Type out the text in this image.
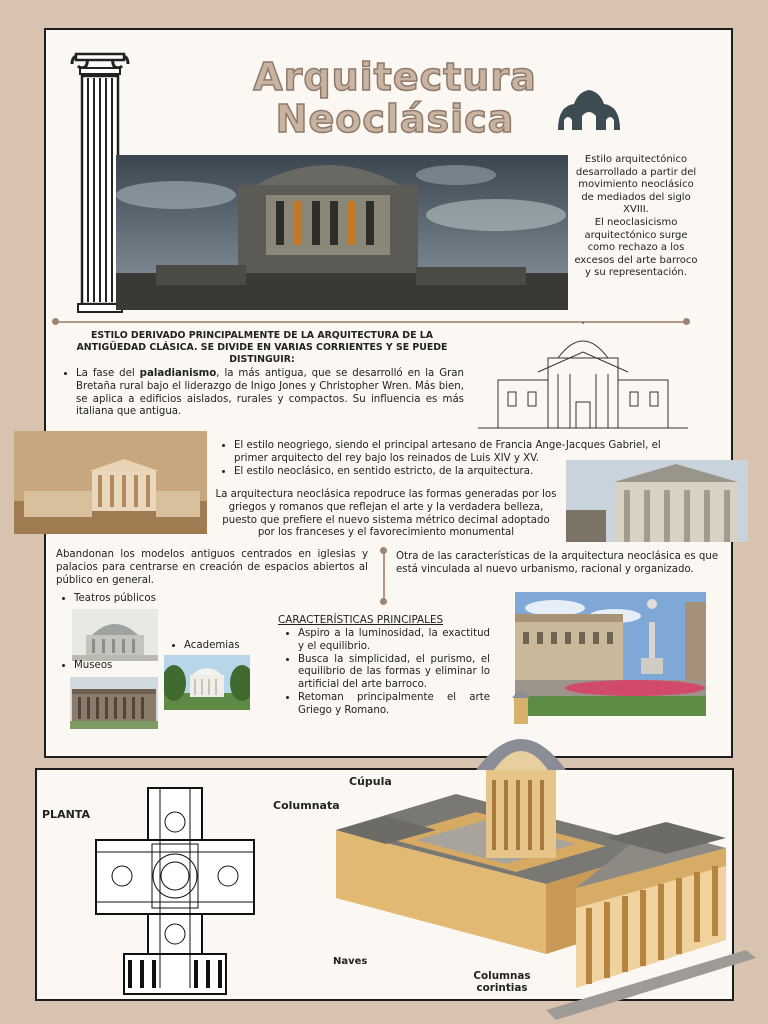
Arquitectura
Neoclásica
Estilo arquitectónico desarrollado a partir del movimiento neoclásico de mediados del siglo XVIII.
El neoclasicismo arquitectónico surge como rechazo a los excesos del arte barroco y su representación.
ESTILO DERIVADO PRINCIPALMENTE DE LA ARQUITECTURA DE LA ANTIGÜEDAD CLÁSICA. SE DIVIDE EN VARIAS CORRIENTES Y SE PUEDE DISTINGUIR:
• La fase del paladianismo, la más antigua, que se desarrolló en la Gran Bretaña rural bajo el liderazgo de Inigo Jones y Christopher Wren. Más bien, se aplica a edificios aislados, rurales y compactos. Su influencia es más italiana que antigua.
• El estilo neogriego, siendo el principal artesano de Francia Ange-Jacques Gabriel, el primer arquitecto del rey bajo los reinados de Luis XIV y XV.
• El estilo neoclásico, en sentido estricto, de la arquitectura.
La arquitectura neoclásica repodruce las formas generadas por los griegos y romanos que reflejan el arte y la verdadera belleza, puesto que prefiere el nuevo sistema métrico decimal adoptado por los franceses y el favorecimiento monumental
Abandonan los modelos antiguos centrados en iglesias y palacios para centrarse en creación de espacios abiertos al público en general.
Otra de las características de la arquitectura neoclásica es que está vinculada al nuevo urbanismo, racional y organizado.
• Teatros públicos
• Academias
• Museos
CARACTERÍSTICAS PRINCIPALES
• Aspiro a la luminosidad, la exactitud y el equilibrio.
• Busca la simplicidad, el purismo, el equilibrio de las formas y eliminar lo artificial del arte barroco.
• Retoman principalmente el arte Griego y Romano.
PLANTA
Cúpula
Columnata
Naves
Columnas
corintias
